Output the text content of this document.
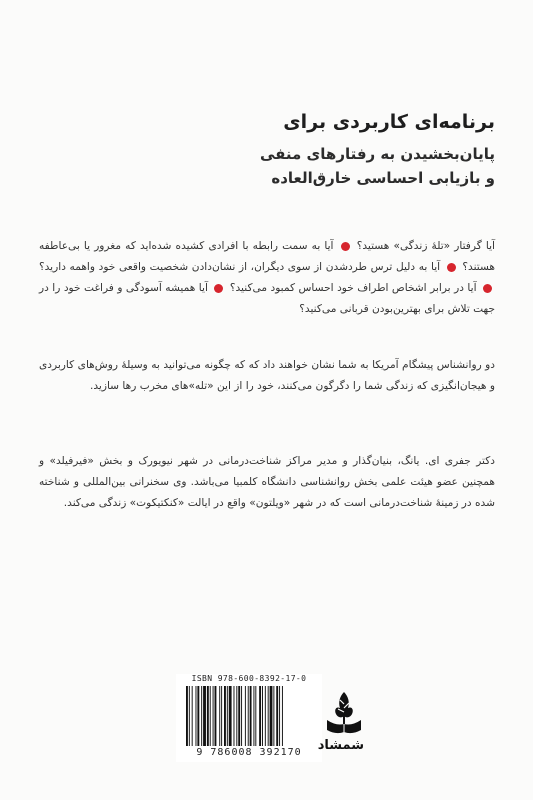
برنامه‌ای کاربردی برای

پایان‌بخشیدن به رفتارهای منفی
و بازیابی احساسی خارق‌العاده

آیا گرفتار «تلهٔ زندگی» هستید؟  آیا به سمت رابطه با افرادی کشیده شده‌اید که مغرور یا بی‌عاطفه هستند؟  آیا به دلیل ترس طردشدن از سوی دیگران، از نشان‌دادن شخصیت واقعی خود واهمه دارید؟  آیا در برابر اشخاص اطراف خود احساس کمبود می‌کنید؟  آیا همیشه آسودگی و فراغت خود را در جهت تلاش برای بهترین‌بودن قربانی می‌کنید؟

دو روانشناس پیشگام آمریکا به شما نشان خواهند داد که که چگونه می‌توانید به وسیلهٔ روش‌های کاربردی و هیجان‌انگیزی که زندگی شما را دگرگون می‌کنند، خود را از این «تله»های مخرب رها سازید.

دکتر جفری ای. یانگ، بنیان‌گذار و مدیر مراکز شناخت‌درمانی در شهر نیویورک و بخش «فیرفیلد» و همچنین عضو هیئت علمی بخش روانشناسی دانشگاه کلمبیا می‌باشد. وی سخنرانی بین‌المللی و شناخته شده در زمینهٔ شناخت‌درمانی است که در شهر «ویلتون» واقع در ایالت «کنکتیکوت» زندگی می‌کند.

ISBN 978-600-8392-17-0
9 786008 392170	شمشاد
